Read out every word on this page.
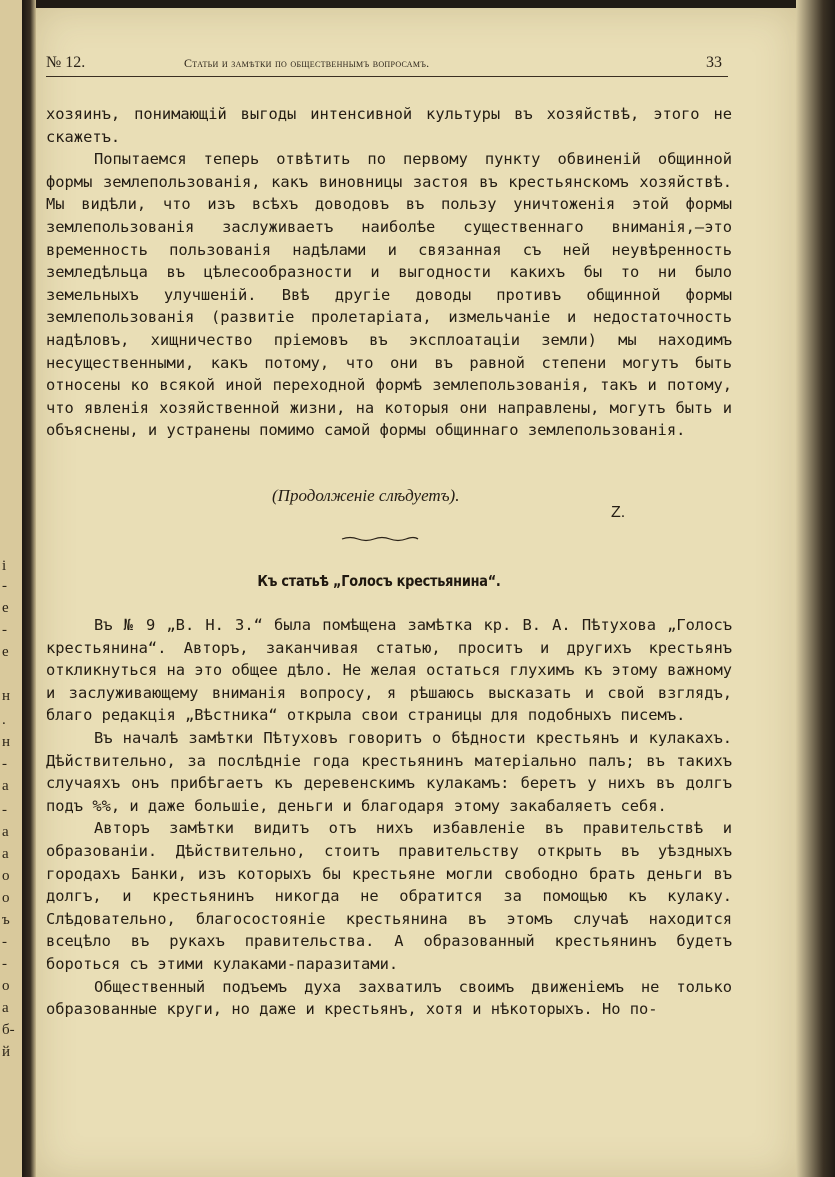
і
-
е
-
е
н
.
н
-
а
-
а
а
о
о
ъ
-
-
о
а
б-
й
№ 12.	Статьи и замѣтки по общественнымъ вопросамъ.	33

хозяинъ, понимающій выгоды интенсивной культуры въ хозяйствѣ, этого не скажетъ.

Попытаемся теперь отвѣтить по первому пункту обвиненій общинной формы землепользованія, какъ виновницы застоя въ крестьянскомъ хозяйствѣ. Мы видѣли, что изъ всѣхъ доводовъ въ пользу уничтоженія этой формы землепользованія заслуживаетъ наиболѣе существеннаго вниманія,—это временность пользованія надѣлами и связанная съ ней неувѣренность земледѣльца въ цѣлесообразности и выгодности какихъ бы то ни было земельныхъ улучшеній. Ввѣ другіе доводы противъ общинной формы землепользованія (развитіе пролетаріата, измельчаніе и недостаточность надѣловъ, хищничество пріемовъ въ эксплоатаціи земли) мы находимъ несущественными, какъ потому, что они въ равной степени могутъ быть относены ко всякой иной переходной формѣ землепользованія, такъ и потому, что явленія хозяйственной жизни, на которыя они направлены, могутъ быть и объяснены, и устранены помимо самой формы общиннаго землепользованія.

(Продолженіе слѣдуетъ).
Z.
Къ статьѣ „Голосъ крестьянина“.

Въ № 9 „В. Н. З.“ была помѣщена замѣтка кр. В. А. Пѣтухова „Голосъ крестьянина“. Авторъ, заканчивая статью, проситъ и другихъ крестьянъ откликнуться на это общее дѣло. Не желая остаться глухимъ къ этому важному и заслуживающему вниманія вопросу, я рѣшаюсь высказать и свой взглядъ, благо редакція „Вѣстника“ открыла свои страницы для подобныхъ писемъ.

Въ началѣ замѣтки Пѣтуховъ говоритъ о бѣдности крестьянъ и кулакахъ. Дѣйствительно, за послѣдніе года крестьянинъ матеріально палъ; въ такихъ случаяхъ онъ прибѣгаетъ къ деревенскимъ кулакамъ: беретъ у нихъ въ долгъ подъ %%, и даже большіе, деньги и благодаря этому закабаляетъ себя.

Авторъ замѣтки видитъ отъ нихъ избавленіе въ правительствѣ и образованіи. Дѣйствительно, стоитъ правительству открыть въ уѣздныхъ городахъ Банки, изъ которыхъ бы крестьяне могли свободно брать деньги въ долгъ, и крестьянинъ никогда не обратится за помощью къ кулаку. Слѣдовательно, благосостояніе крестьянина въ этомъ случаѣ находится всецѣло въ рукахъ правительства. А образованный крестьянинъ будетъ бороться съ этими кулаками-паразитами.

Общественный подъемъ духа захватилъ своимъ движеніемъ не только образованные круги, но даже и крестьянъ, хотя и нѣкоторыхъ. Но по-
